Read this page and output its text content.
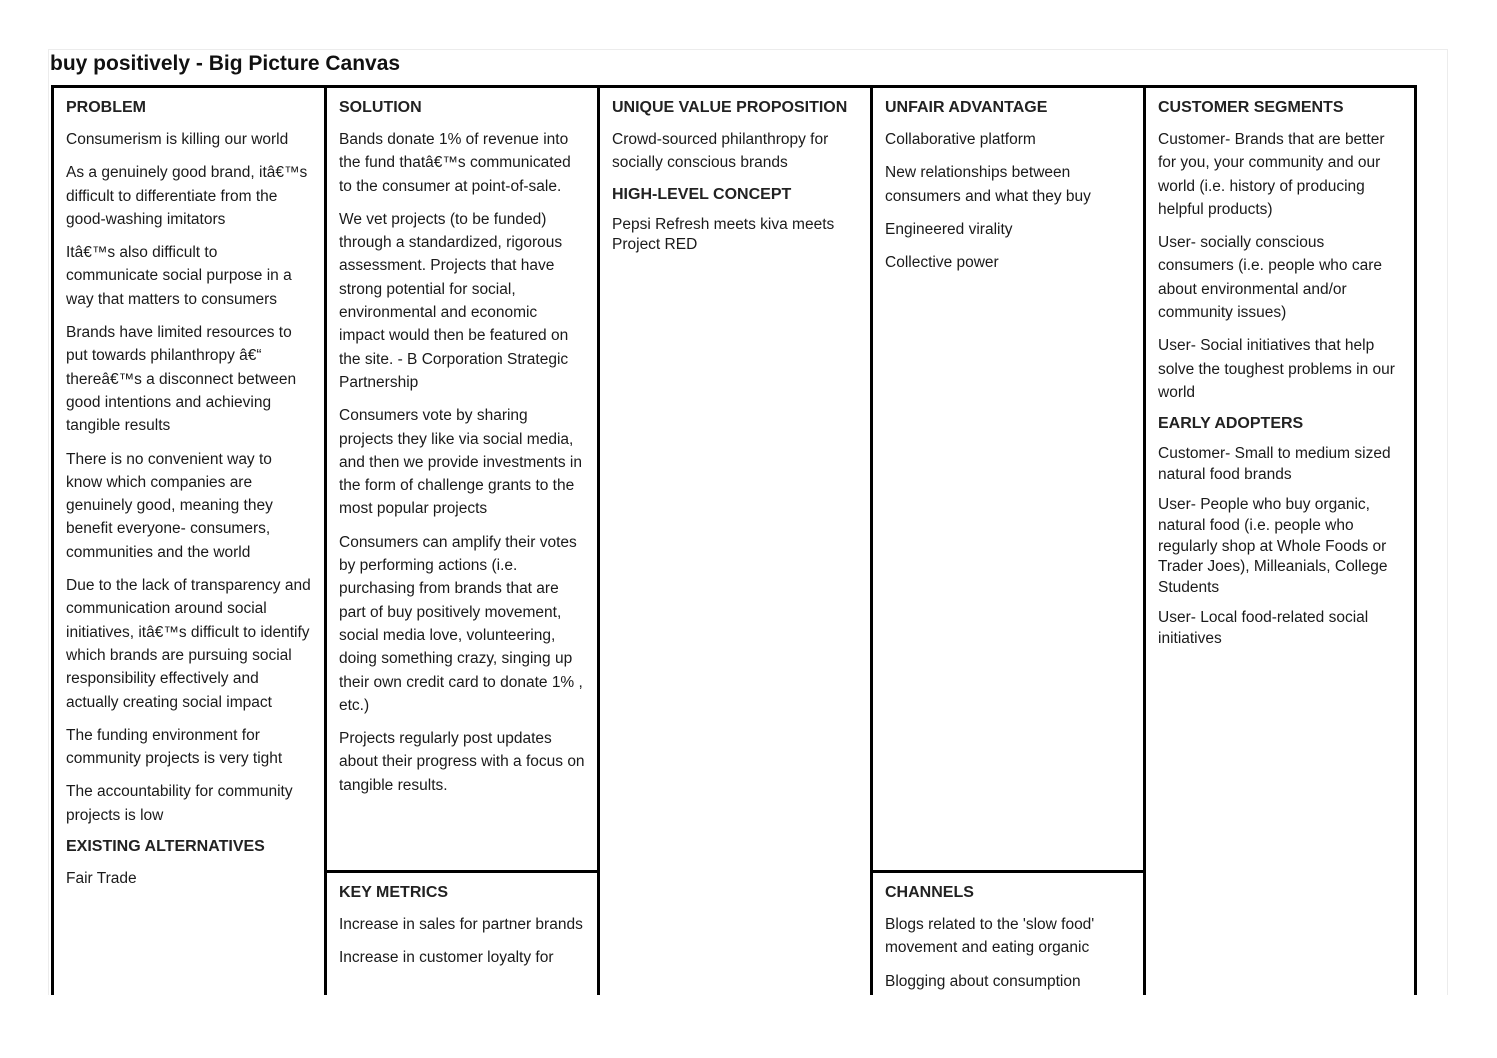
buy positively - Big Picture Canvas
PROBLEM
Consumerism is killing our world
As a genuinely good brand, itâ€™s difficult to differentiate from the good-washing imitators
Itâ€™s also difficult to communicate social purpose in a way that matters to consumers
Brands have limited resources to put towards philanthropy â€“ thereâ€™s a disconnect between good intentions and achieving tangible results
There is no convenient way to know which companies are genuinely good, meaning they benefit everyone- consumers, communities and the world
Due to the lack of transparency and communication around social initiatives, itâ€™s difficult to identify which brands are pursuing social responsibility effectively and actually creating social impact
The funding environment for community projects is very tight
The accountability for community projects is low
EXISTING ALTERNATIVES
Fair Trade
SOLUTION
Bands donate 1% of revenue into the fund thatâ€™s communicated to the consumer at point-of-sale.
We vet projects (to be funded) through a standardized, rigorous assessment. Projects that have strong potential for social, environmental and economic impact would then be featured on the site. - B Corporation Strategic Partnership
Consumers vote by sharing projects they like via social media, and then we provide investments in the form of challenge grants to the most popular projects
Consumers can amplify their votes by performing actions (i.e. purchasing from brands that are part of buy positively movement, social media love, volunteering, doing something crazy, singing up their own credit card to donate 1% , etc.)
Projects regularly post updates about their progress with a focus on tangible results.
KEY METRICS
Increase in sales for partner brands
Increase in customer loyalty for
UNIQUE VALUE PROPOSITION
Crowd-sourced philanthropy for socially conscious brands
HIGH-LEVEL CONCEPT
Pepsi Refresh meets kiva meets Project RED
UNFAIR ADVANTAGE
Collaborative platform
New relationships between consumers and what they buy
Engineered virality
Collective power
CHANNELS
Blogs related to the 'slow food' movement and eating organic
Blogging about consumption
CUSTOMER SEGMENTS
Customer- Brands that are better for you, your community and our world (i.e. history of producing helpful products)
User- socially conscious consumers (i.e. people who care about environmental and/or community issues)
User- Social initiatives that help solve the toughest problems in our world
EARLY ADOPTERS
Customer- Small to medium sized natural food brands
User- People who buy organic, natural food (i.e. people who regularly shop at Whole Foods or Trader Joes), Milleanials, College Students
User- Local food-related social initiatives
